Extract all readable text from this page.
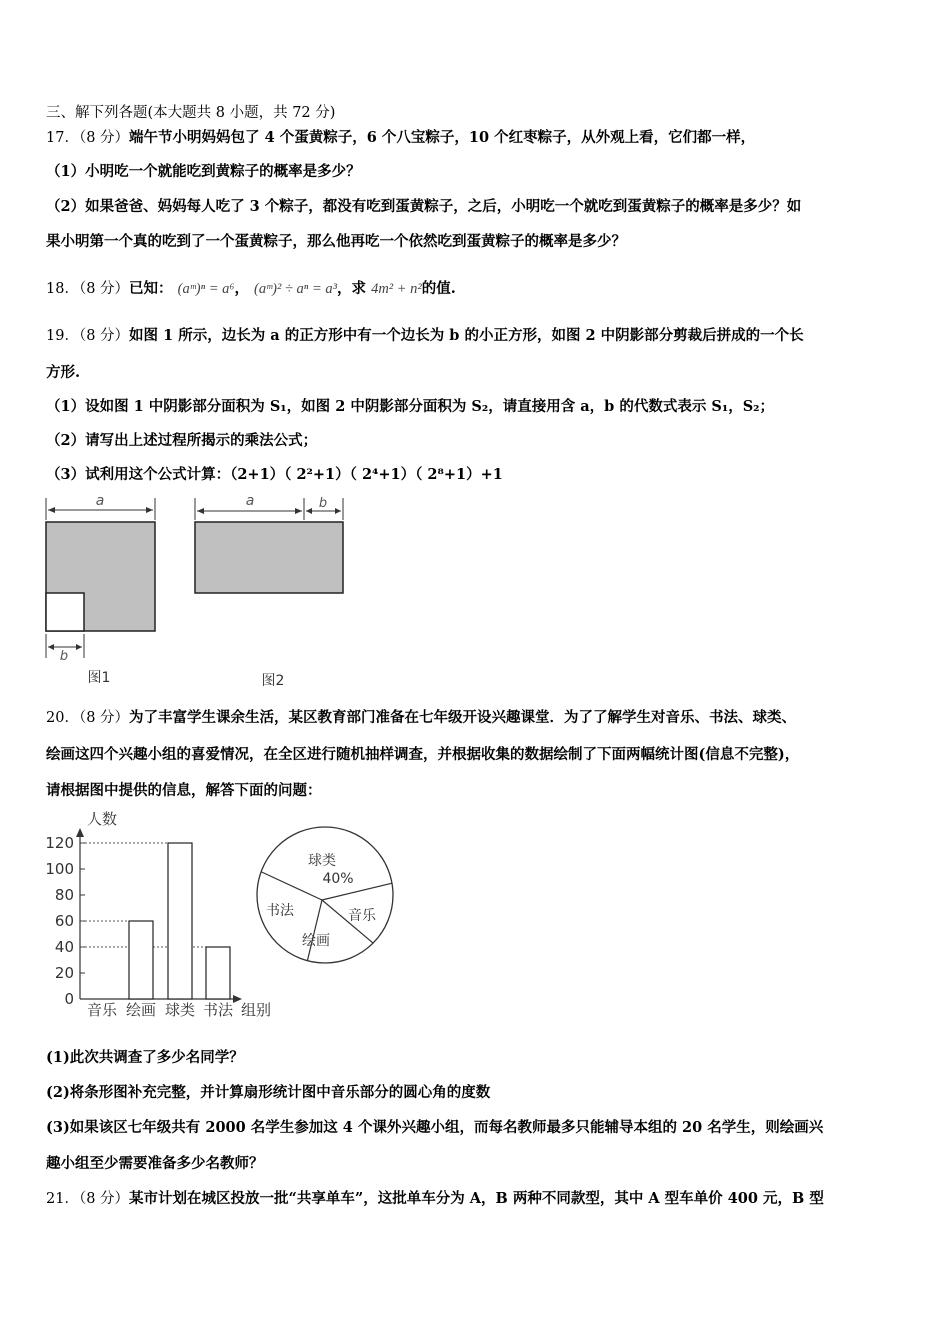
三、解下列各题(本大题共 8 小题，共 72 分)
17．（8 分）端午节小明妈妈包了 4 个蛋黄粽子，6 个八宝粽子，10 个红枣粽子，从外观上看，它们都一样，
（1）小明吃一个就能吃到黄粽子的概率是多少？
（2）如果爸爸、妈妈每人吃了 3 个粽子，都没有吃到蛋黄粽子，之后，小明吃一个就吃到蛋黄粽子的概率是多少？如
果小明第一个真的吃到了一个蛋黄粽子，那么他再吃一个依然吃到蛋黄粽子的概率是多少？
18．（8 分）已知： (aᵐ)ⁿ = a⁶， (aᵐ)² ÷ aⁿ = a³，求 4m² + n²的值.
19．（8 分）如图 1 所示，边长为 a 的正方形中有一个边长为 b 的小正方形，如图 2 中阴影部分剪裁后拼成的一个长
方形.
（1）设如图 1 中阴影部分面积为 S₁，如图 2 中阴影部分面积为 S₂，请直接用含 a，b 的代数式表示 S₁，S₂；
（2）请写出上述过程所揭示的乘法公式；
（3）试利用这个公式计算：（2+1）（ 2²+1）（ 2⁴+1）（ 2⁸+1）+1
a
b
图1
a	b
图2
20．（8 分）为了丰富学生课余生活，某区教育部门准备在七年级开设兴趣课堂．为了了解学生对音乐、书法、球类、
绘画这四个兴趣小组的喜爱情况，在全区进行随机抽样调查，并根据收集的数据绘制了下面两幅统计图(信息不完整)，
请根据图中提供的信息，解答下面的问题：
人数
0
20
40
60
80
100
120
音乐 绘画 球类 书法 组别
球类
音乐
绘画
书法
40%
(1)此次共调查了多少名同学？
(2)将条形图补充完整，并计算扇形统计图中音乐部分的圆心角的度数
(3)如果该区七年级共有 2000 名学生参加这 4 个课外兴趣小组，而每名教师最多只能辅导本组的 20 名学生，则绘画兴
趣小组至少需要准备多少名教师？
21．（8 分）某市计划在城区投放一批“共享单车”，这批单车分为 A，B 两种不同款型，其中 A 型车单价 400 元，B 型
